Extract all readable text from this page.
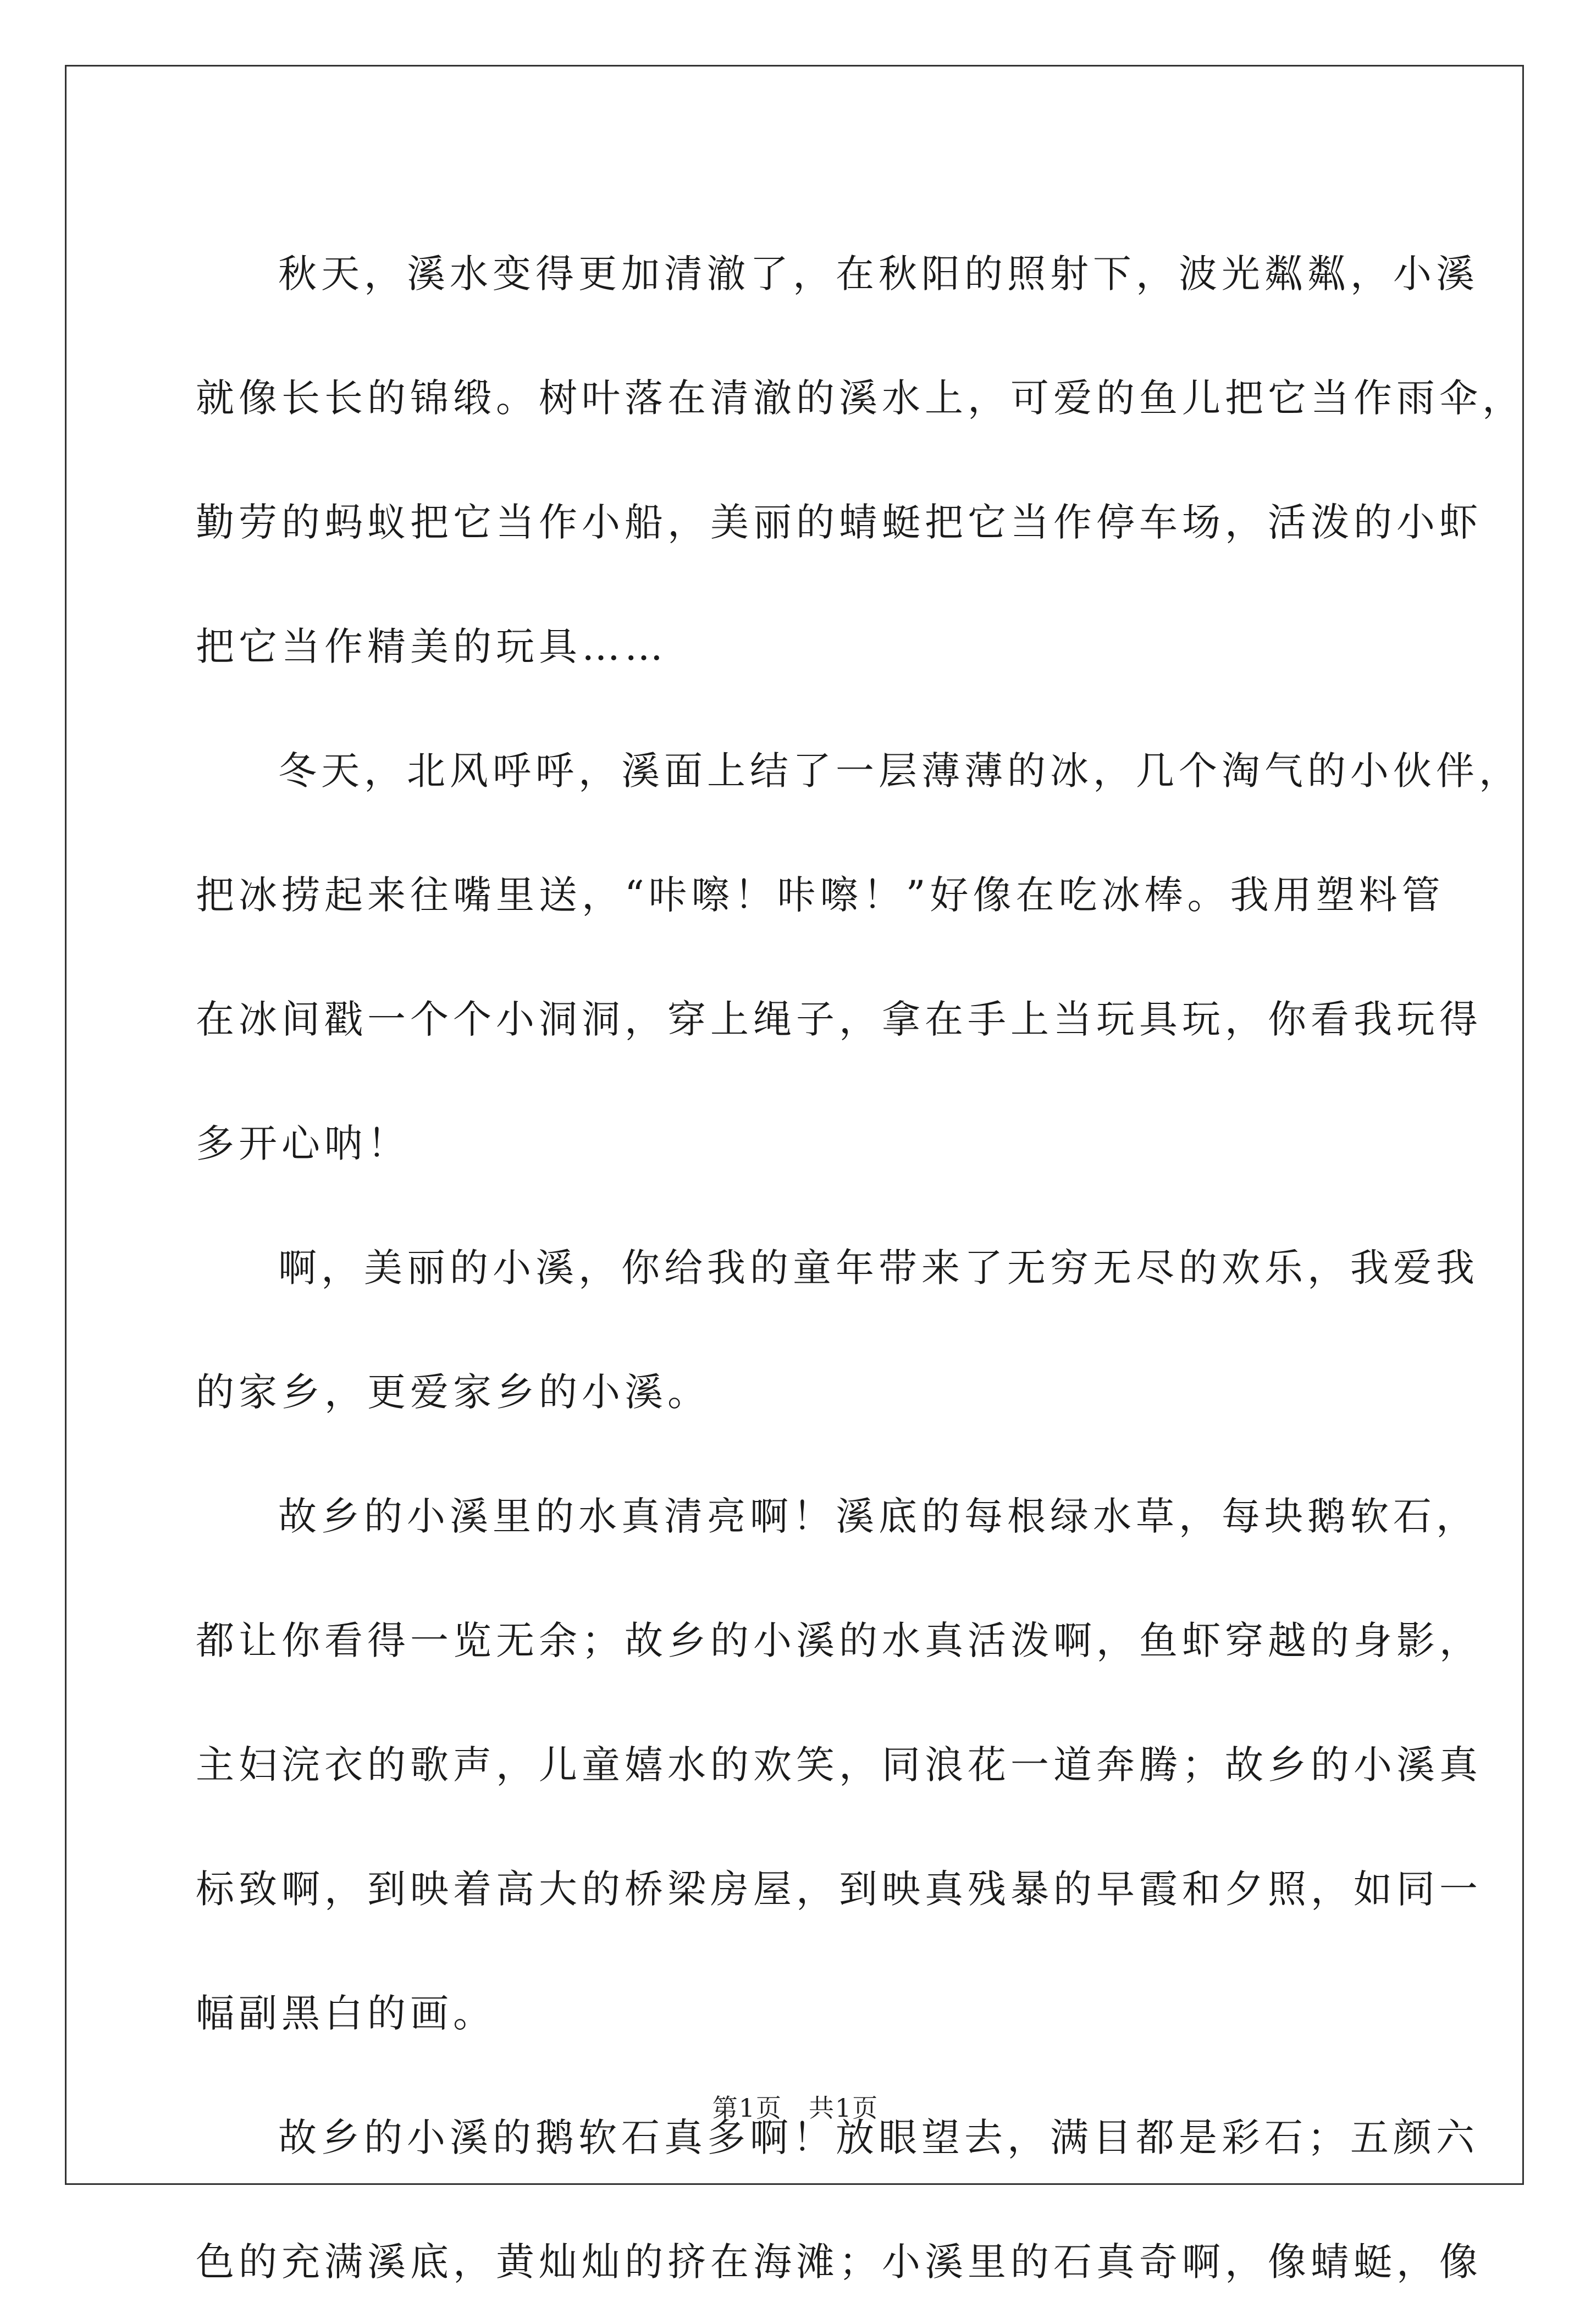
秋天，溪水变得更加清澈了，在秋阳的照射下，波光粼粼，小溪
就像长长的锦缎。树叶落在清澈的溪水上，可爱的鱼儿把它当作雨伞，
勤劳的蚂蚁把它当作小船，美丽的蜻蜓把它当作停车场，活泼的小虾
把它当作精美的玩具……

冬天，北风呼呼，溪面上结了一层薄薄的冰，几个淘气的小伙伴，
把冰捞起来往嘴里送，“咔嚓！咔嚓！”好像在吃冰棒。我用塑料管
在冰间戳一个个小洞洞，穿上绳子，拿在手上当玩具玩，你看我玩得
多开心呐！

啊，美丽的小溪，你给我的童年带来了无穷无尽的欢乐，我爱我
的家乡，更爱家乡的小溪。

故乡的小溪里的水真清亮啊！溪底的每根绿水草，每块鹅软石，
都让你看得一览无余；故乡的小溪的水真活泼啊，鱼虾穿越的身影，
主妇浣衣的歌声，儿童嬉水的欢笑，同浪花一道奔腾；故乡的小溪真
标致啊，到映着高大的桥梁房屋，到映真残暴的早霞和夕照，如同一
幅副黑白的画。

故乡的小溪的鹅软石真多啊！放眼望去，满目都是彩石；五颜六
色的充满溪底，黄灿灿的挤在海滩；小溪里的石真奇啊，像蜻蜓，像

第1页　共1页
